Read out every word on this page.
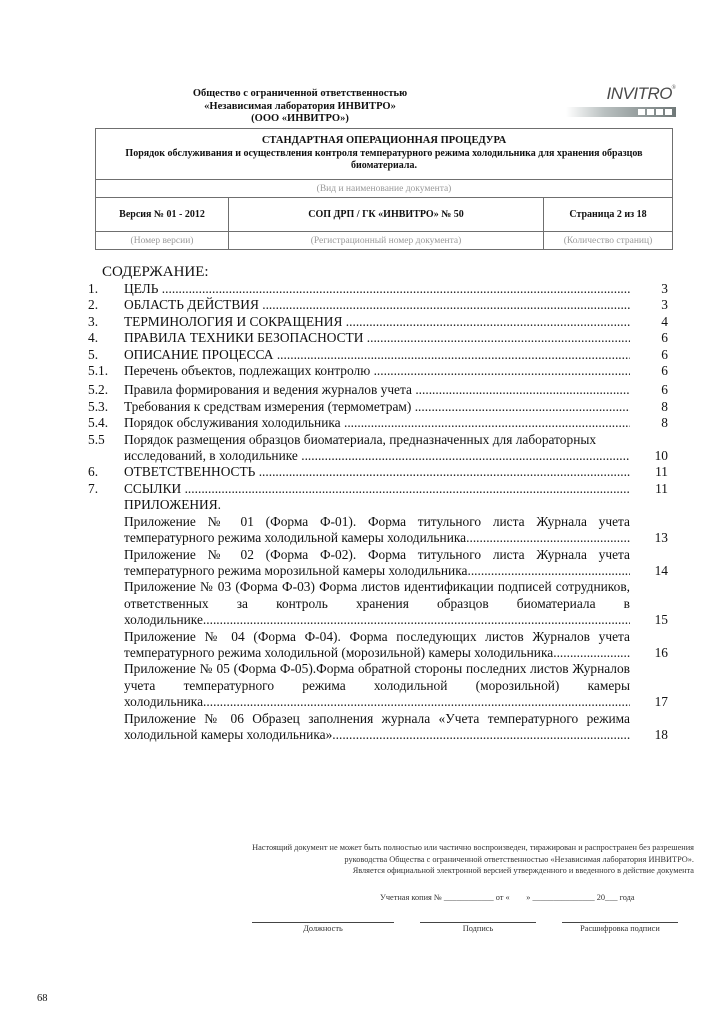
Общество с ограниченной ответственностью
«Независимая лаборатория ИНВИТРО»
(ООО «ИНВИТРО»)
INVITRO ®
СТАНДАРТНАЯ ОПЕРАЦИОННАЯ ПРОЦЕДУРА
Порядок обслуживания и осуществления контроля температурного режима холодильника для хранения образцов биоматериала.		

(Вид и наименование документа)		
Версия № 01 - 2012	СОП ДРП / ГК «ИНВИТРО» № 50	Страница 2 из 18
(Номер версии)	(Регистрационный номер документа)	(Количество страниц)
СОДЕРЖАНИЕ:
1.	ЦЕЛЬ .....	3
2.	ОБЛАСТЬ ДЕЙСТВИЯ .....	3
3.	ТЕРМИНОЛОГИЯ И СОКРАЩЕНИЯ .....	4
4.	ПРАВИЛА ТЕХНИКИ БЕЗОПАСНОСТИ .....	6
5.	ОПИСАНИЕ ПРОЦЕССА .....	6
5.1.	Перечень объектов, подлежащих контролю .....	6
5.2.	Правила формирования и ведения журналов учета .....	6
5.3.	Требования к средствам измерения (термометрам) .....	8
5.4.	Порядок обслуживания холодильника .....	8
5.5	Порядок размещения образцов биоматериала, предназначенных для лабораторных
исследований, в холодильнике .....	10
6.	ОТВЕТСТВЕННОСТЬ .....	11
7.	ССЫЛКИ .....	11
ПРИЛОЖЕНИЯ.
Приложение № 01 (Форма Ф-01). Форма титульного листа Журнала учета
температурного режима холодильной камеры холодильника .....	13
Приложение № 02 (Форма Ф-02). Форма титульного листа Журнала учета
температурного режима морозильной камеры холодильника .....	14
Приложение № 03 (Форма Ф-03) Форма листов идентификации подписей сотрудников, ответственных за контроль хранения образцов биоматериала в
холодильнике. .....	15
Приложение № 04 (Форма Ф-04). Форма последующих листов Журналов учета
температурного режима холодильной (морозильной) камеры холодильника .....	16
Приложение № 05 (Форма Ф-05).Форма обратной стороны последних листов Журналов учета температурного режима холодильной (морозильной) камеры
холодильника .....	17
Приложение № 06 Образец заполнения журнала «Учета температурного режима
холодильной камеры холодильника» .....	18
Настоящий документ не может быть полностью или частично воспроизведен, тиражирован и распространен без разрешения
руководства Общества с ограниченной ответственностью «Независимая лаборатория ИНВИТРО».
Является официальной электронной версией утвержденного и введенного в действие документа
Учетная копия № ____________ от «        » _______________ 20___ года
Должность	Подпись	Расшифровка подписи
68
